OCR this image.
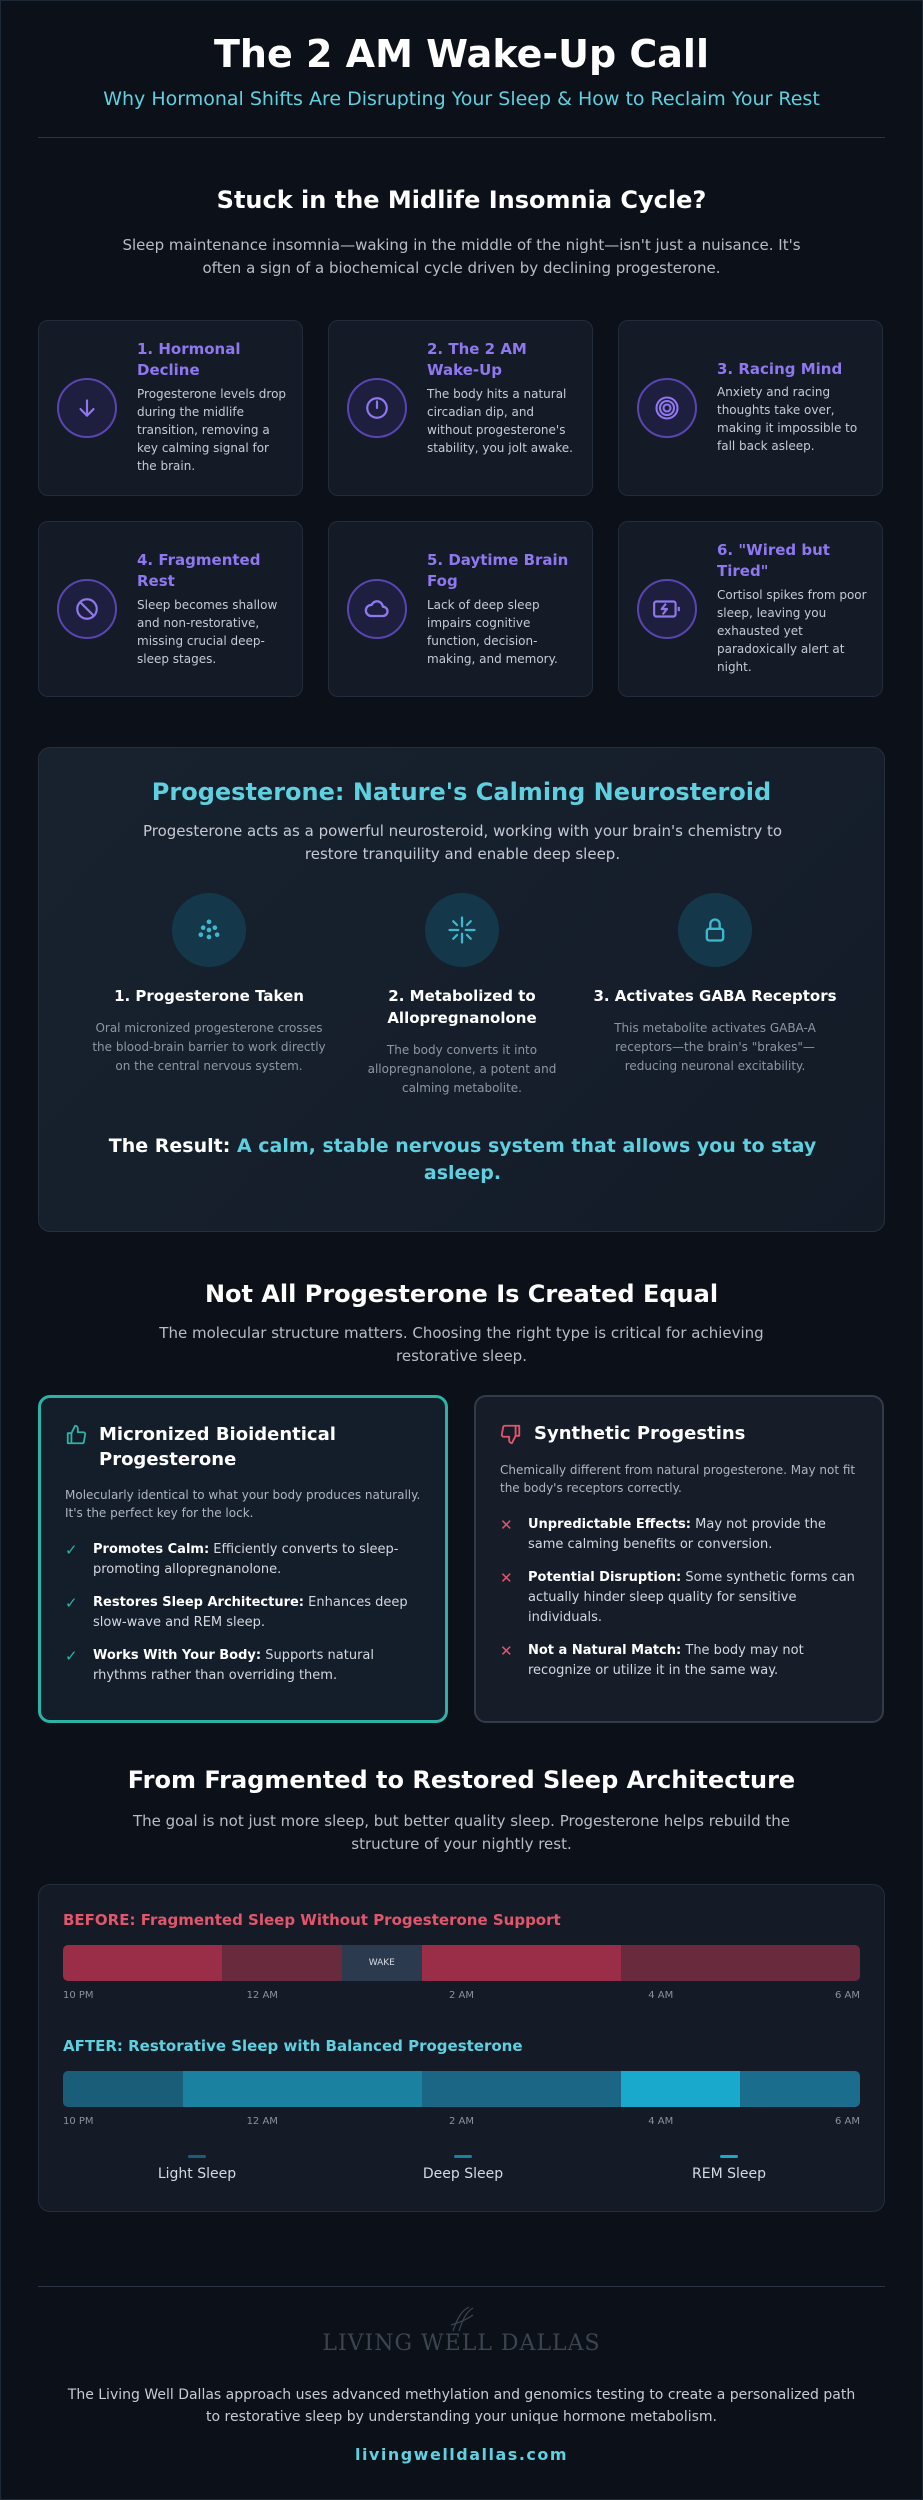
The 2 AM Wake-Up Call
Why Hormonal Shifts Are Disrupting Your Sleep & How to Reclaim Your Rest
Stuck in the Midlife Insomnia Cycle?

Sleep maintenance insomnia—waking in the middle of the night—isn't just a nuisance. It's often a sign of a biochemical cycle driven by declining progesterone.

1. Hormonal Decline
Progesterone levels drop during the midlife transition, removing a key calming signal for the brain.
2. The 2 AM Wake-Up
The body hits a natural circadian dip, and without progesterone's stability, you jolt awake.
3. Racing Mind
Anxiety and racing thoughts take over, making it impossible to fall back asleep.
4. Fragmented Rest
Sleep becomes shallow and non-restorative, missing crucial deep-sleep stages.
5. Daytime Brain Fog
Lack of deep sleep impairs cognitive function, decision-making, and memory.
6. "Wired but Tired"
Cortisol spikes from poor sleep, leaving you exhausted yet paradoxically alert at night.
Progesterone: Nature's Calming Neurosteroid

Progesterone acts as a powerful neurosteroid, working with your brain's chemistry to restore tranquility and enable deep sleep.

1. Progesterone Taken
Oral micronized progesterone crosses the blood-brain barrier to work directly on the central nervous system.
2. Metabolized to Allopregnanolone
The body converts it into allopregnanolone, a potent and calming metabolite.
3. Activates GABA Receptors
This metabolite activates GABA-A receptors—the brain's "brakes"—reducing neuronal excitability.

The Result: A calm, stable nervous system that allows you to stay asleep.

Not All Progesterone Is Created Equal

The molecular structure matters. Choosing the right type is critical for achieving restorative sleep.

Micronized Bioidentical Progesterone

Molecularly identical to what your body produces naturally. It's the perfect key for the lock.

✓ Promotes Calm: Efficiently converts to sleep-promoting allopregnanolone.
✓ Restores Sleep Architecture: Enhances deep slow-wave and REM sleep.
✓ Works With Your Body: Supports natural rhythms rather than overriding them.
Synthetic Progestins

Chemically different from natural progesterone. May not fit the body's receptors correctly.

✕ Unpredictable Effects: May not provide the same calming benefits or conversion.
✕ Potential Disruption: Some synthetic forms can actually hinder sleep quality for sensitive individuals.
✕ Not a Natural Match: The body may not recognize or utilize it in the same way.
From Fragmented to Restored Sleep Architecture

The goal is not just more sleep, but better quality sleep. Progesterone helps rebuild the structure of your nightly rest.

BEFORE: Fragmented Sleep Without Progesterone Support
WAKE
10 PM	12 AM	2 AM	4 AM	6 AM
AFTER: Restorative Sleep with Balanced Progesterone
10 PM	12 AM	2 AM	4 AM	6 AM
Light Sleep	Deep Sleep	REM Sleep
LIVING WELL DALLAS

The Living Well Dallas approach uses advanced methylation and genomics testing to create a personalized path to restorative sleep by understanding your unique hormone metabolism.

livingwelldallas.com
